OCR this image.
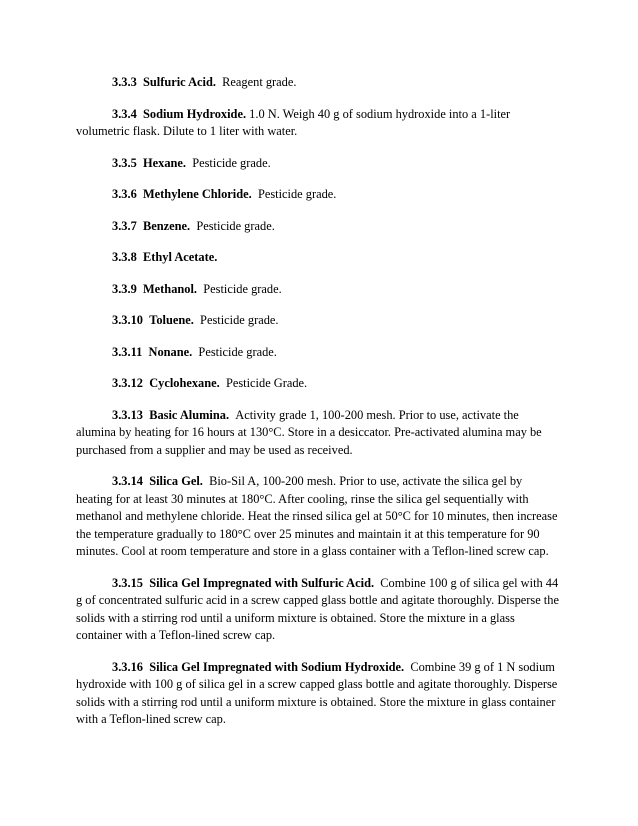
3.3.3 Sulfuric Acid. Reagent grade.

3.3.4 Sodium Hydroxide. 1.0 N. Weigh 40 g of sodium hydroxide into a 1-liter volumetric flask. Dilute to 1 liter with water.

3.3.5 Hexane. Pesticide grade.

3.3.6 Methylene Chloride. Pesticide grade.

3.3.7 Benzene. Pesticide grade.

3.3.8 Ethyl Acetate.

3.3.9 Methanol. Pesticide grade.

3.3.10 Toluene. Pesticide grade.

3.3.11 Nonane. Pesticide grade.

3.3.12 Cyclohexane. Pesticide Grade.

3.3.13 Basic Alumina. Activity grade 1, 100-200 mesh. Prior to use, activate the alumina by heating for 16 hours at 130°C. Store in a desiccator. Pre-activated alumina may be purchased from a supplier and may be used as received.

3.3.14 Silica Gel. Bio-Sil A, 100-200 mesh. Prior to use, activate the silica gel by heating for at least 30 minutes at 180°C. After cooling, rinse the silica gel sequentially with methanol and methylene chloride. Heat the rinsed silica gel at 50°C for 10 minutes, then increase the temperature gradually to 180°C over 25 minutes and maintain it at this temperature for 90 minutes. Cool at room temperature and store in a glass container with a Teflon-lined screw cap.

3.3.15 Silica Gel Impregnated with Sulfuric Acid. Combine 100 g of silica gel with 44 g of concentrated sulfuric acid in a screw capped glass bottle and agitate thoroughly. Disperse the solids with a stirring rod until a uniform mixture is obtained. Store the mixture in a glass container with a Teflon-lined screw cap.

3.3.16 Silica Gel Impregnated with Sodium Hydroxide. Combine 39 g of 1 N sodium hydroxide with 100 g of silica gel in a screw capped glass bottle and agitate thoroughly. Disperse solids with a stirring rod until a uniform mixture is obtained. Store the mixture in glass container with a Teflon-lined screw cap.
